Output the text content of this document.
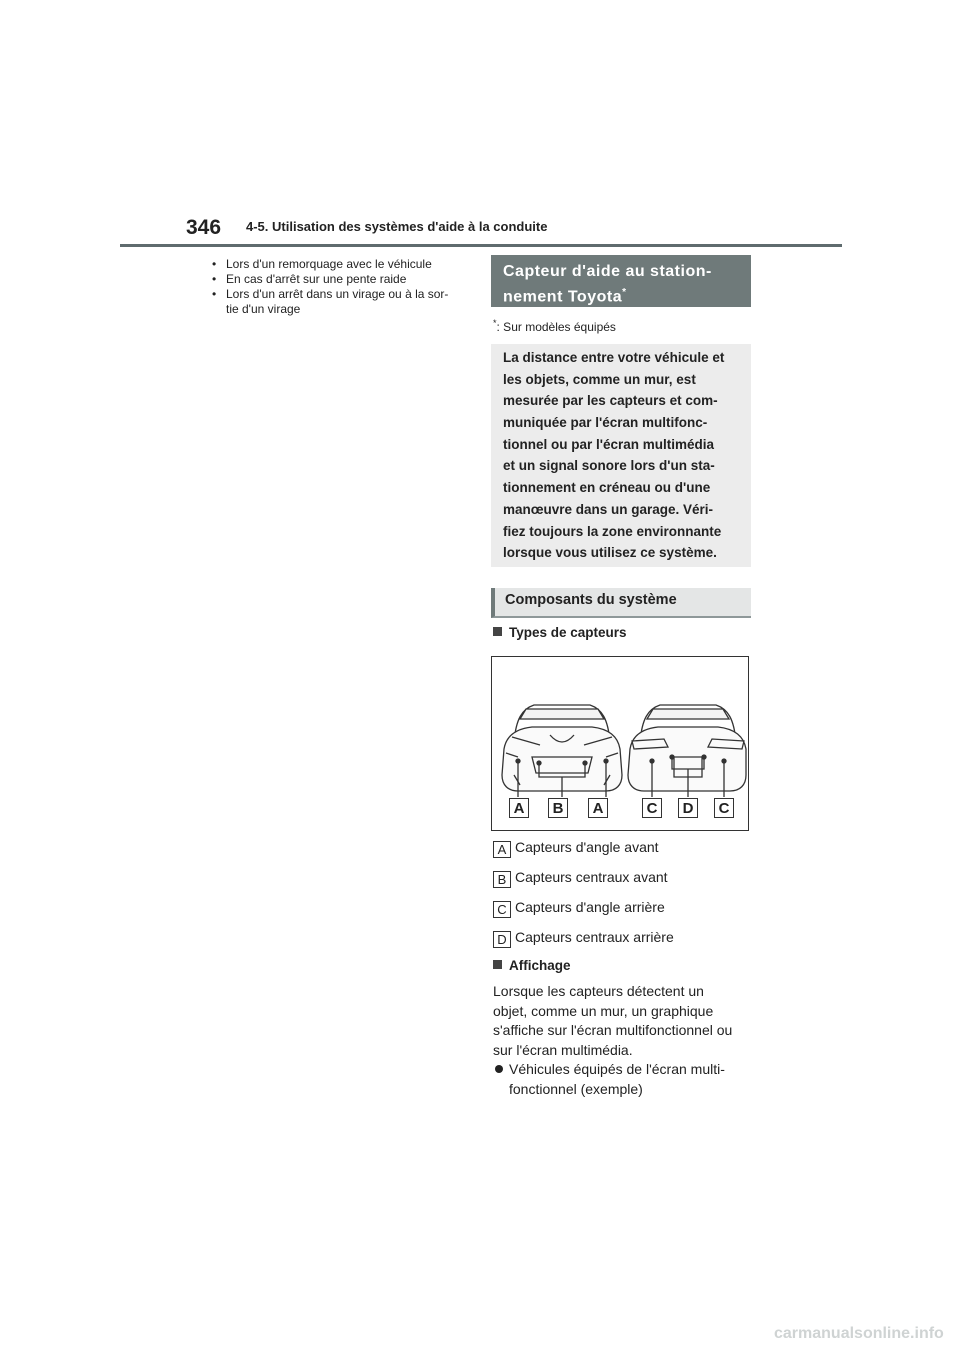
346 4-5. Utilisation des systèmes d'aide à la conduite
• Lors d'un remorquage avec le véhicule
• En cas d'arrêt sur une pente raide
• Lors d'un arrêt dans un virage ou à la sor-
tie d'un virage
Capteur d'aide au station-
nement Toyota*
*: Sur modèles équipés
La distance entre votre véhicule et
les objets, comme un mur, est
mesurée par les capteurs et com-
muniquée par l'écran multifonc-
tionnel ou par l'écran multimédia
et un signal sonore lors d'un sta-
tionnement en créneau ou d'une
manœuvre dans un garage. Véri-
fiez toujours la zone environnante
lorsque vous utilisez ce système.
Composants du système
Types de capteurs
A	B	A	C	D	C
A Capteurs d'angle avant
B Capteurs centraux avant
C Capteurs d'angle arrière
D Capteurs centraux arrière
Affichage
Lorsque les capteurs détectent un
objet, comme un mur, un graphique
s'affiche sur l'écran multifonctionnel ou
sur l'écran multimédia.
Véhicules équipés de l'écran multi-
fonctionnel (exemple)
carmanualsonline.info
